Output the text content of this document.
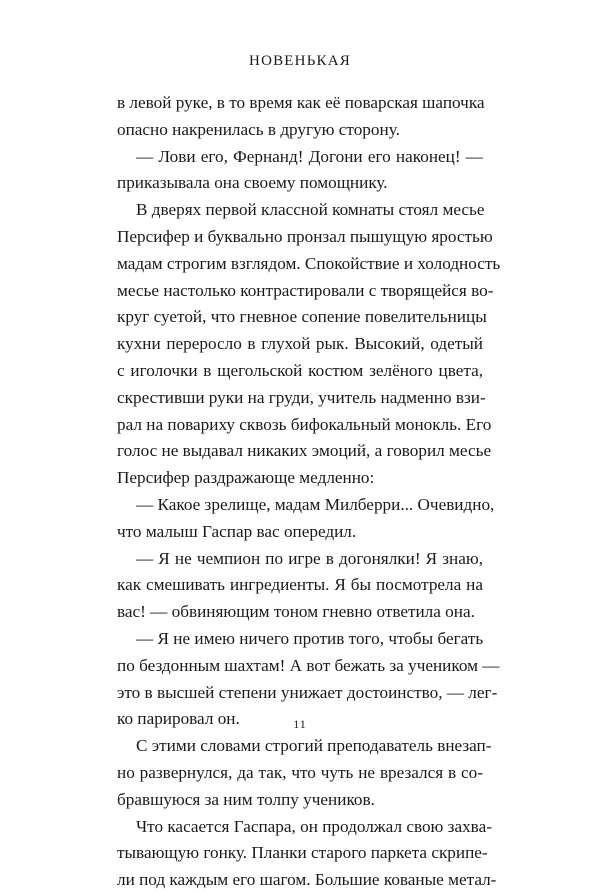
НОВЕНЬКАЯ
в левой руке, в то время как её поварская шапочка
опасно накренилась в другую сторону.
— Лови его, Фернанд! Догони его наконец! —
приказывала она своему помощнику.
В дверях первой классной комнаты стоял месье
Персифер и буквально пронзал пышущую яростью
мадам строгим взглядом. Спокойствие и холодность
месье настолько контрастировали с творящейся во-
круг суетой, что гневное сопение повелительницы
кухни переросло в глухой рык. Высокий, одетый
с иголочки в щегольской костюм зелёного цвета,
скрестивши руки на груди, учитель надменно взи-
рал на повариху сквозь бифокальный монокль. Его
голос не выдавал никаких эмоций, а говорил месье
Персифер раздражающе медленно:
— Какое зрелище, мадам Милберри... Очевидно,
что малыш Гаспар вас опередил.
— Я не чемпион по игре в догонялки! Я знаю,
как смешивать ингредиенты. Я бы посмотрела на
вас! — обвиняющим тоном гневно ответила она.
— Я не имею ничего против того, чтобы бегать
по бездонным шахтам! А вот бежать за учеником —
это в высшей степени унижает достоинство, — лег-
ко парировал он.
С этими словами строгий преподаватель внезап-
но развернулся, да так, что чуть не врезался в со-
бравшуюся за ним толпу учеников.
Что касается Гаспара, он продолжал свою захва-
тывающую гонку. Планки старого паркета скрипе-
ли под каждым его шагом. Большие кованые метал-
11
